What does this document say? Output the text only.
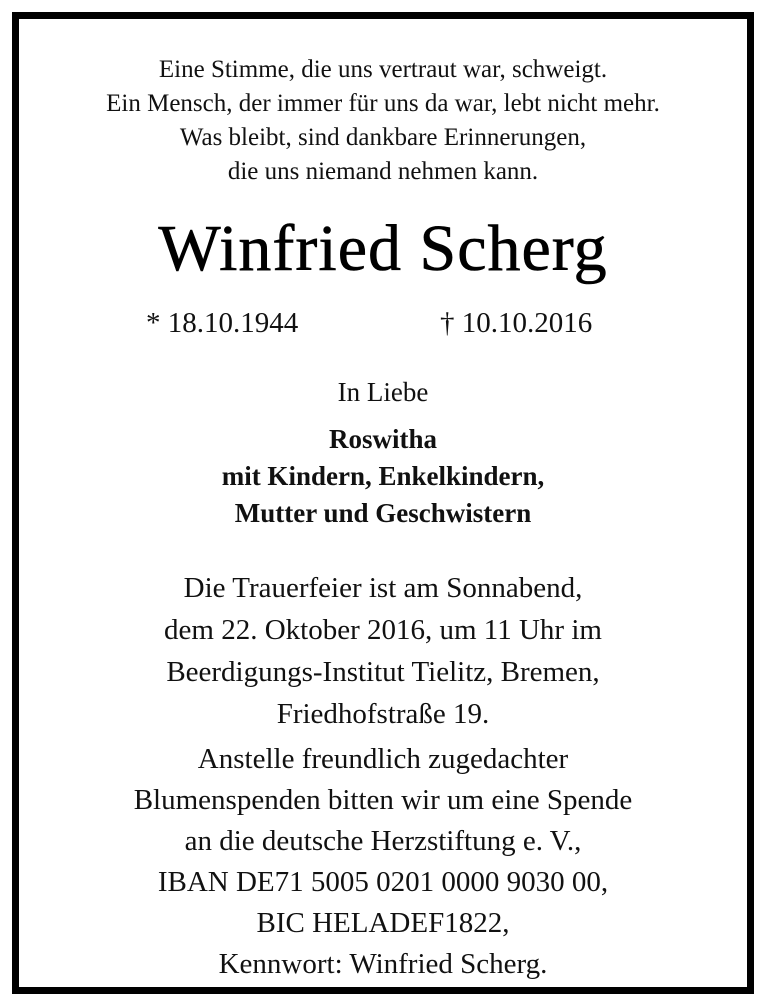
Eine Stimme, die uns vertraut war, schweigt.
Ein Mensch, der immer für uns da war, lebt nicht mehr.
Was bleibt, sind dankbare Erinnerungen,
die uns niemand nehmen kann.
Winfried Scherg
* 18.10.1944	† 10.10.2016
In Liebe
Roswitha
mit Kindern, Enkelkindern,
Mutter und Geschwistern
Die Trauerfeier ist am Sonnabend,
dem 22. Oktober 2016, um 11 Uhr im
Beerdigungs-Institut Tielitz, Bremen,
Friedhofstraße 19.
Anstelle freundlich zugedachter
Blumenspenden bitten wir um eine Spende
an die deutsche Herzstiftung e. V.,
IBAN DE71 5005 0201 0000 9030 00,
BIC HELADEF1822,
Kennwort: Winfried Scherg.
